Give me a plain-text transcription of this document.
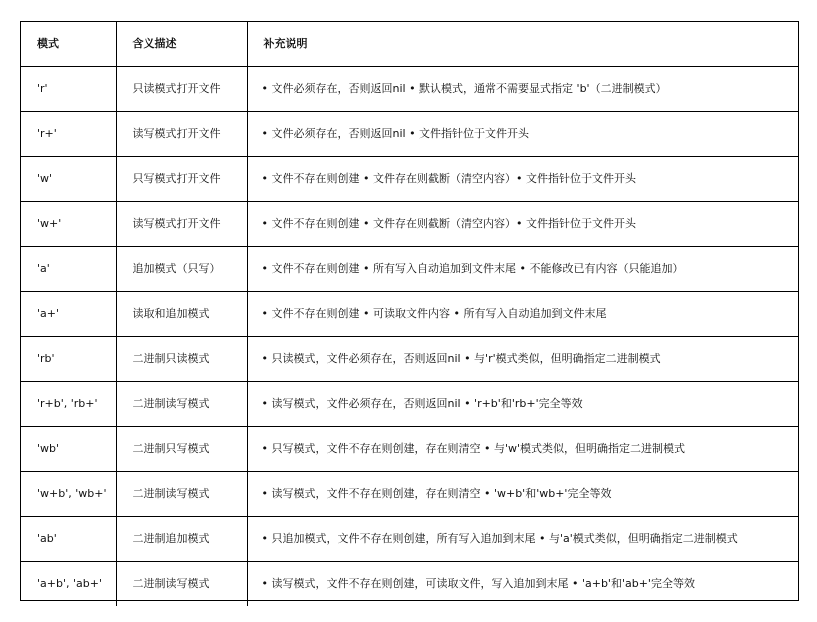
模式	含义描述	补充说明
'r'	只读模式打开文件	• 文件必须存在，否则返回nil • 默认模式，通常不需要显式指定 'b'（二进制模式）
'r+'	读写模式打开文件	• 文件必须存在，否则返回nil • 文件指针位于文件开头
'w'	只写模式打开文件	• 文件不存在则创建 • 文件存在则截断（清空内容）• 文件指针位于文件开头
'w+'	读写模式打开文件	• 文件不存在则创建 • 文件存在则截断（清空内容）• 文件指针位于文件开头
'a'	追加模式（只写）	• 文件不存在则创建 • 所有写入自动追加到文件末尾 • 不能修改已有内容（只能追加）
'a+'	读取和追加模式	• 文件不存在则创建 • 可读取文件内容 • 所有写入自动追加到文件末尾
'rb'	二进制只读模式	• 只读模式，文件必须存在，否则返回nil • 与'r'模式类似，但明确指定二进制模式
'r+b', 'rb+'	二进制读写模式	• 读写模式，文件必须存在，否则返回nil • 'r+b'和'rb+'完全等效
'wb'	二进制只写模式	• 只写模式，文件不存在则创建，存在则清空 • 与'w'模式类似，但明确指定二进制模式
'w+b', 'wb+'	二进制读写模式	• 读写模式，文件不存在则创建，存在则清空 • 'w+b'和'wb+'完全等效
'ab'	二进制追加模式	• 只追加模式，文件不存在则创建，所有写入追加到末尾 • 与'a'模式类似，但明确指定二进制模式
'a+b', 'ab+'	二进制读写模式	• 读写模式，文件不存在则创建，可读取文件，写入追加到末尾 • 'a+b'和'ab+'完全等效
